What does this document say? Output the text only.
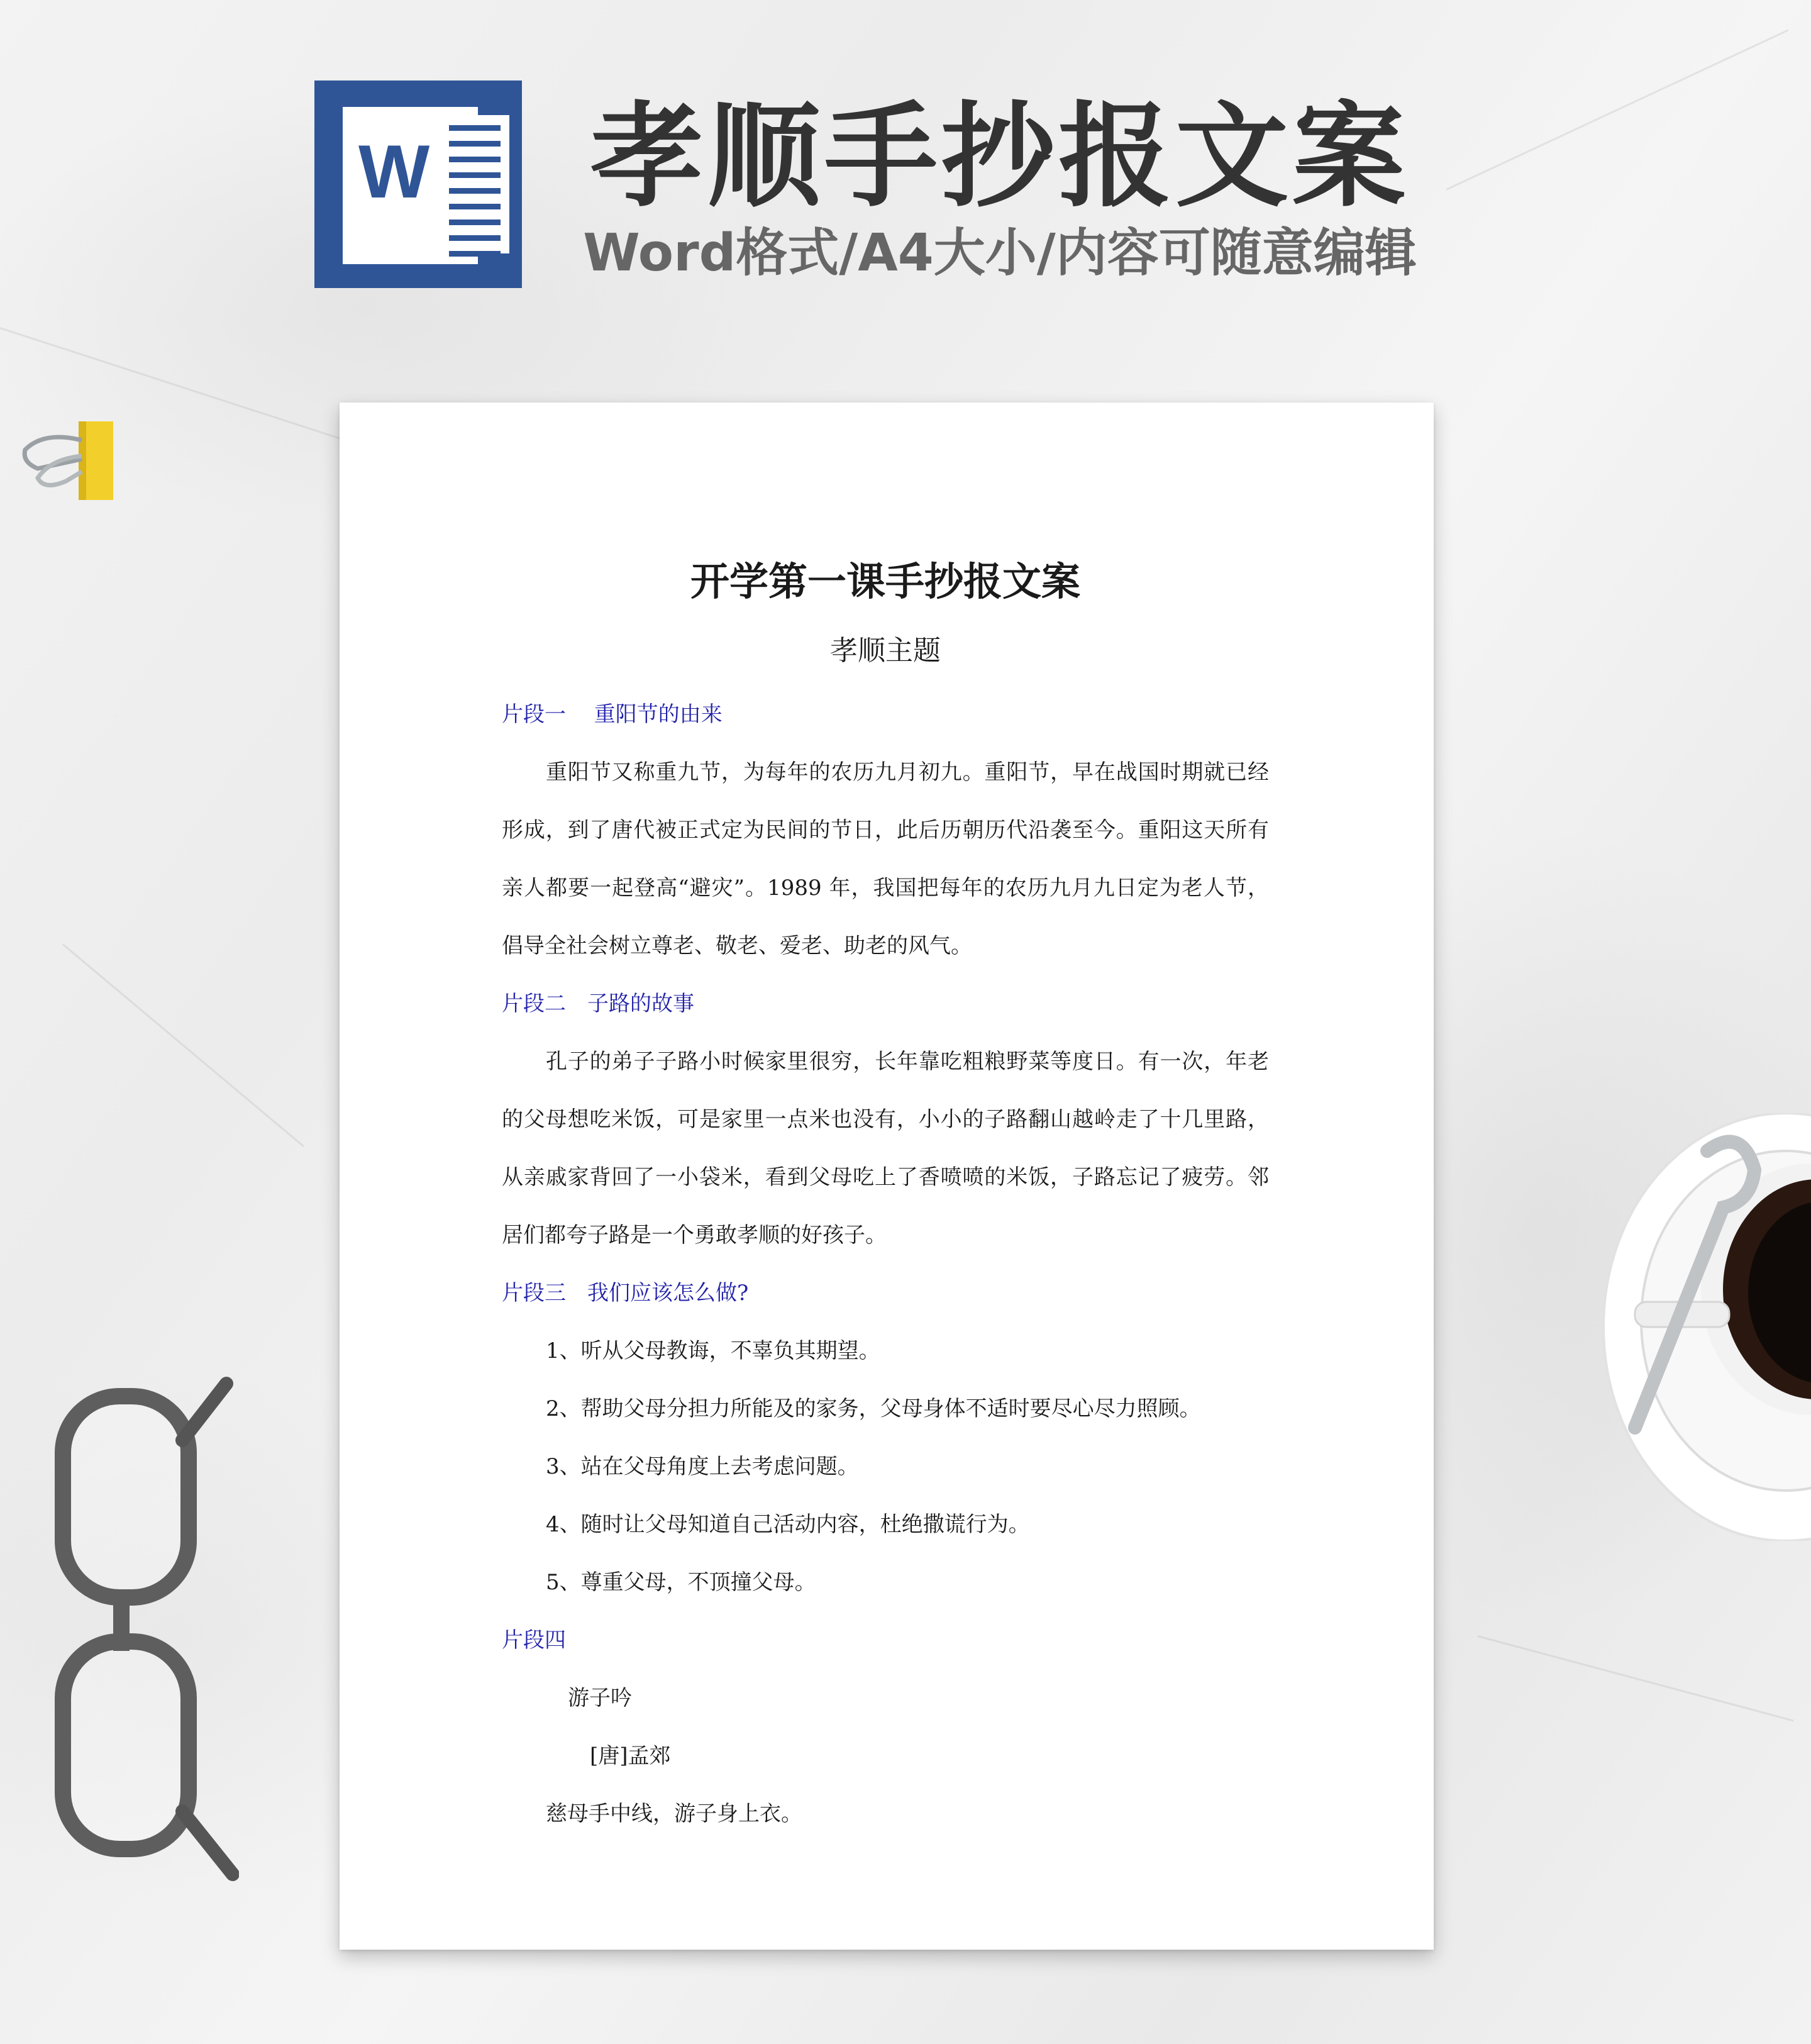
W 孝顺手抄报文案
Word格式/A4大小/内容可随意编辑
开学第一课手抄报文案
孝顺主题
片段一　 重阳节的由来
重阳节又称重九节，为每年的农历九月初九。重阳节，早在战国时期就已经
形成，到了唐代被正式定为民间的节日，此后历朝历代沿袭至今。重阳这天所有
亲人都要一起登高“避灾”。1989 年，我国把每年的农历九月九日定为老人节，
倡导全社会树立尊老、敬老、爱老、助老的风气。
片段二　子路的故事
孔子的弟子子路小时候家里很穷，长年靠吃粗粮野菜等度日。有一次，年老
的父母想吃米饭，可是家里一点米也没有，小小的子路翻山越岭走了十几里路，
从亲戚家背回了一小袋米，看到父母吃上了香喷喷的米饭，子路忘记了疲劳。邻
居们都夸子路是一个勇敢孝顺的好孩子。
片段三　我们应该怎么做?
1、听从父母教诲，不辜负其期望。
2、帮助父母分担力所能及的家务，父母身体不适时要尽心尽力照顾。
3、站在父母角度上去考虑问题。
4、随时让父母知道自己活动内容，杜绝撒谎行为。
5、尊重父母，不顶撞父母。
片段四
游子吟
[唐]孟郊
慈母手中线，游子身上衣。
